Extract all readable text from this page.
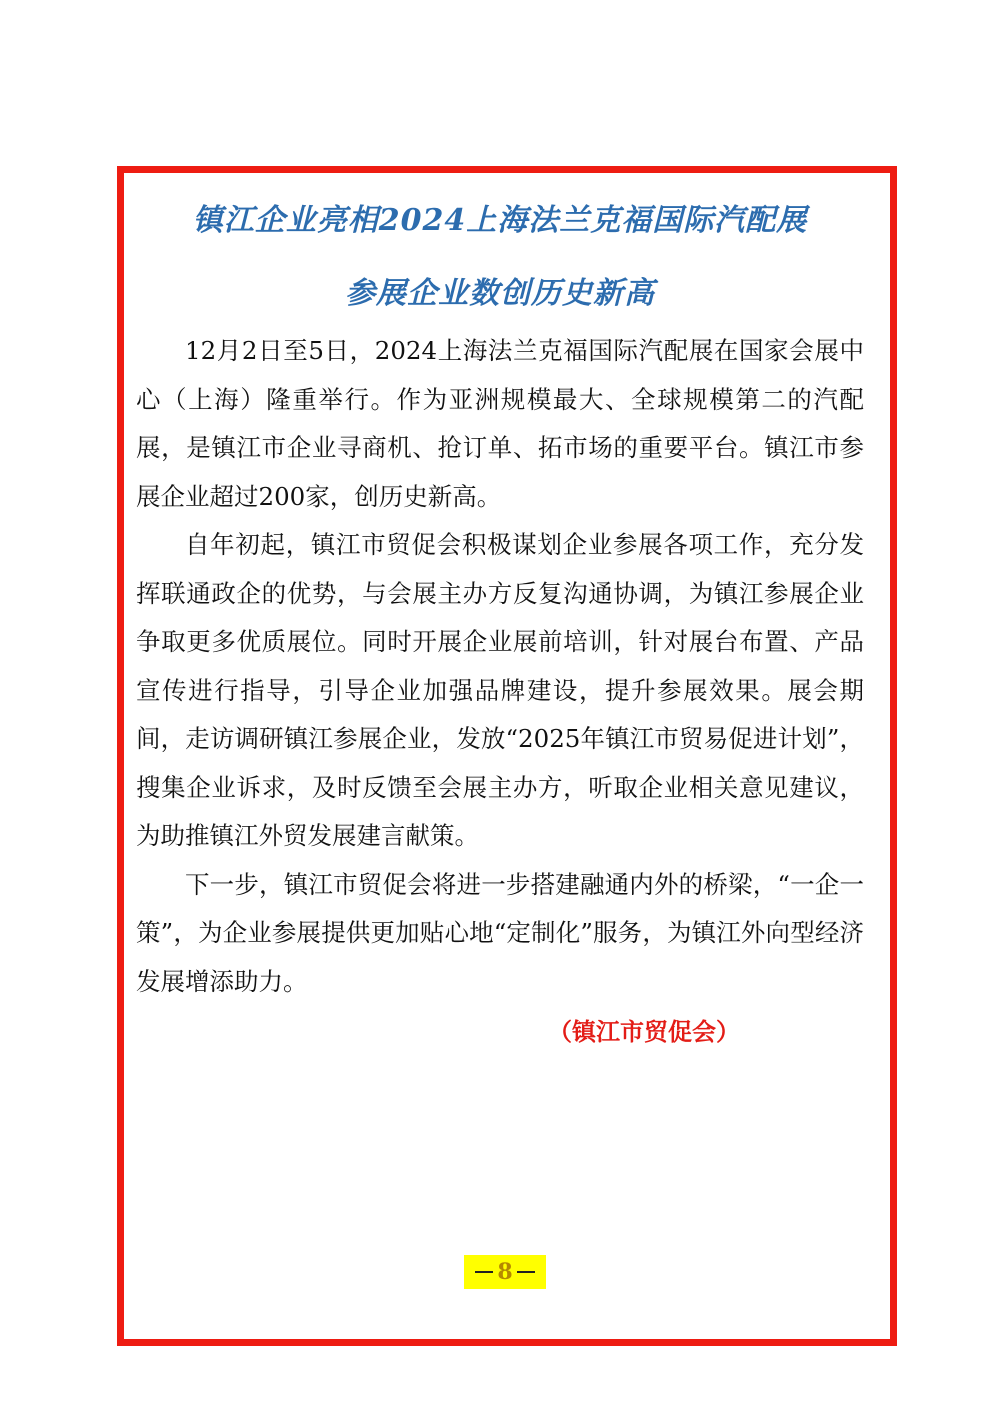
镇江企业亮相2024上海法兰克福国际汽配展
参展企业数创历史新高

12月2日至5日，2024上海法兰克福国际汽配展在国家会展中心（上海）隆重举行。作为亚洲规模最大、全球规模第二的汽配展，是镇江市企业寻商机、抢订单、拓市场的重要平台。镇江市参展企业超过200家，创历史新高。

自年初起，镇江市贸促会积极谋划企业参展各项工作，充分发挥联通政企的优势，与会展主办方反复沟通协调，为镇江参展企业争取更多优质展位。同时开展企业展前培训，针对展台布置、产品宣传进行指导，引导企业加强品牌建设，提升参展效果。展会期间，走访调研镇江参展企业，发放“2025年镇江市贸易促进计划”，搜集企业诉求，及时反馈至会展主办方，听取企业相关意见建议，为助推镇江外贸发展建言献策。

下一步，镇江市贸促会将进一步搭建融通内外的桥梁，“一企一策”，为企业参展提供更加贴心地“定制化”服务，为镇江外向型经济发展增添助力。

（镇江市贸促会）
8
